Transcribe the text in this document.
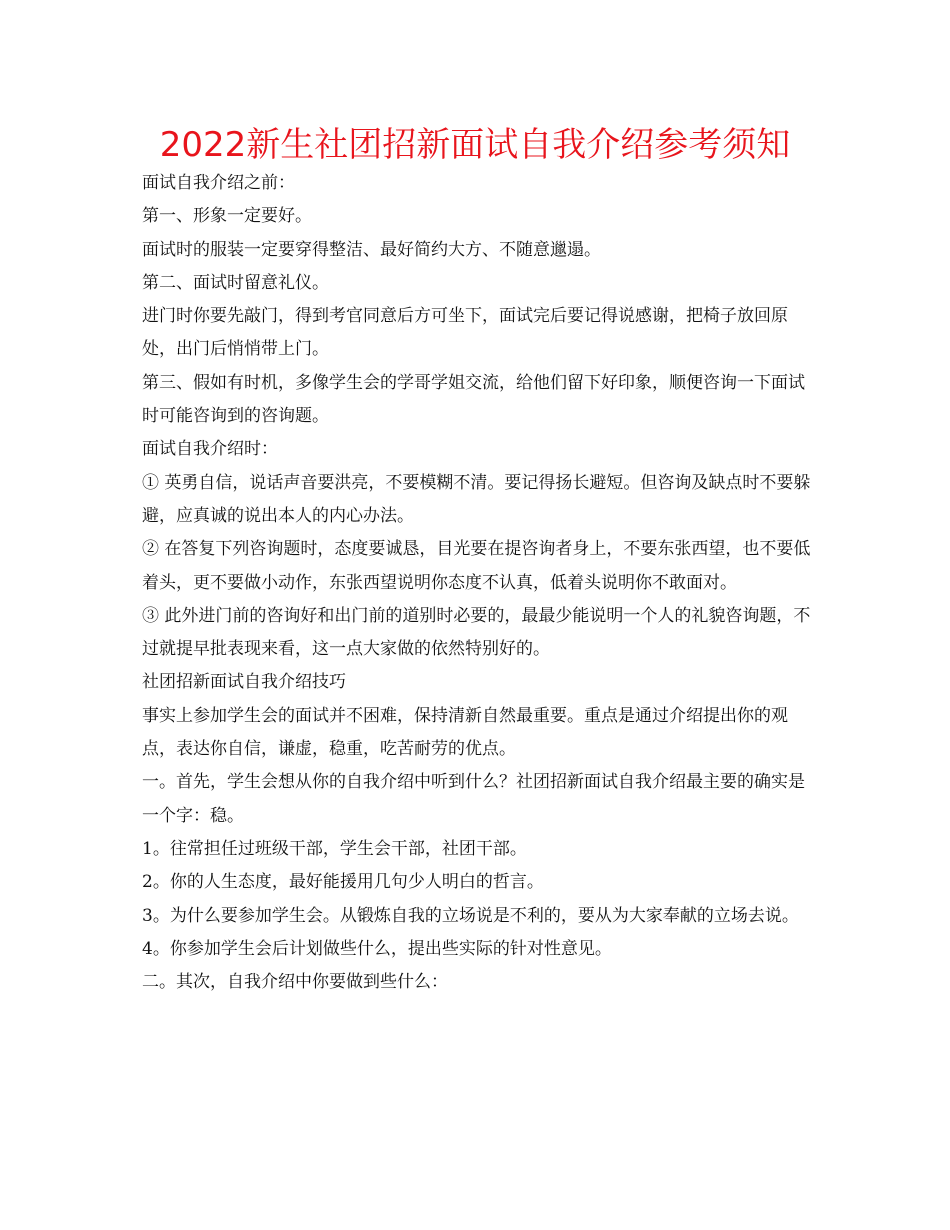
2022新生社团招新面试自我介绍参考须知

面试自我介绍之前：

第一、形象一定要好。

面试时的服装一定要穿得整洁、最好简约大方、不随意邋遢。

第二、面试时留意礼仪。

进门时你要先敲门，得到考官同意后方可坐下，面试完后要记得说感谢，把椅子放回原处，出门后悄悄带上门。

第三、假如有时机，多像学生会的学哥学姐交流，给他们留下好印象，顺便咨询一下面试时可能咨询到的咨询题。

面试自我介绍时：

① 英勇自信，说话声音要洪亮，不要模糊不清。要记得扬长避短。但咨询及缺点时不要躲避，应真诚的说出本人的内心办法。

② 在答复下列咨询题时，态度要诚恳，目光要在提咨询者身上，不要东张西望，也不要低着头，更不要做小动作，东张西望说明你态度不认真，低着头说明你不敢面对。

③ 此外进门前的咨询好和出门前的道别时必要的，最最少能说明一个人的礼貌咨询题，不过就提早批表现来看，这一点大家做的依然特别好的。

社团招新面试自我介绍技巧

事实上参加学生会的面试并不困难，保持清新自然最重要。重点是通过介绍提出你的观点，表达你自信，谦虚，稳重，吃苦耐劳的优点。

一。首先，学生会想从你的自我介绍中听到什么？社团招新面试自我介绍最主要的确实是一个字：稳。

1。往常担任过班级干部，学生会干部，社团干部。

2。你的人生态度，最好能援用几句少人明白的哲言。

3。为什么要参加学生会。从锻炼自我的立场说是不利的，要从为大家奉献的立场去说。

4。你参加学生会后计划做些什么，提出些实际的针对性意见。

二。其次，自我介绍中你要做到些什么：
